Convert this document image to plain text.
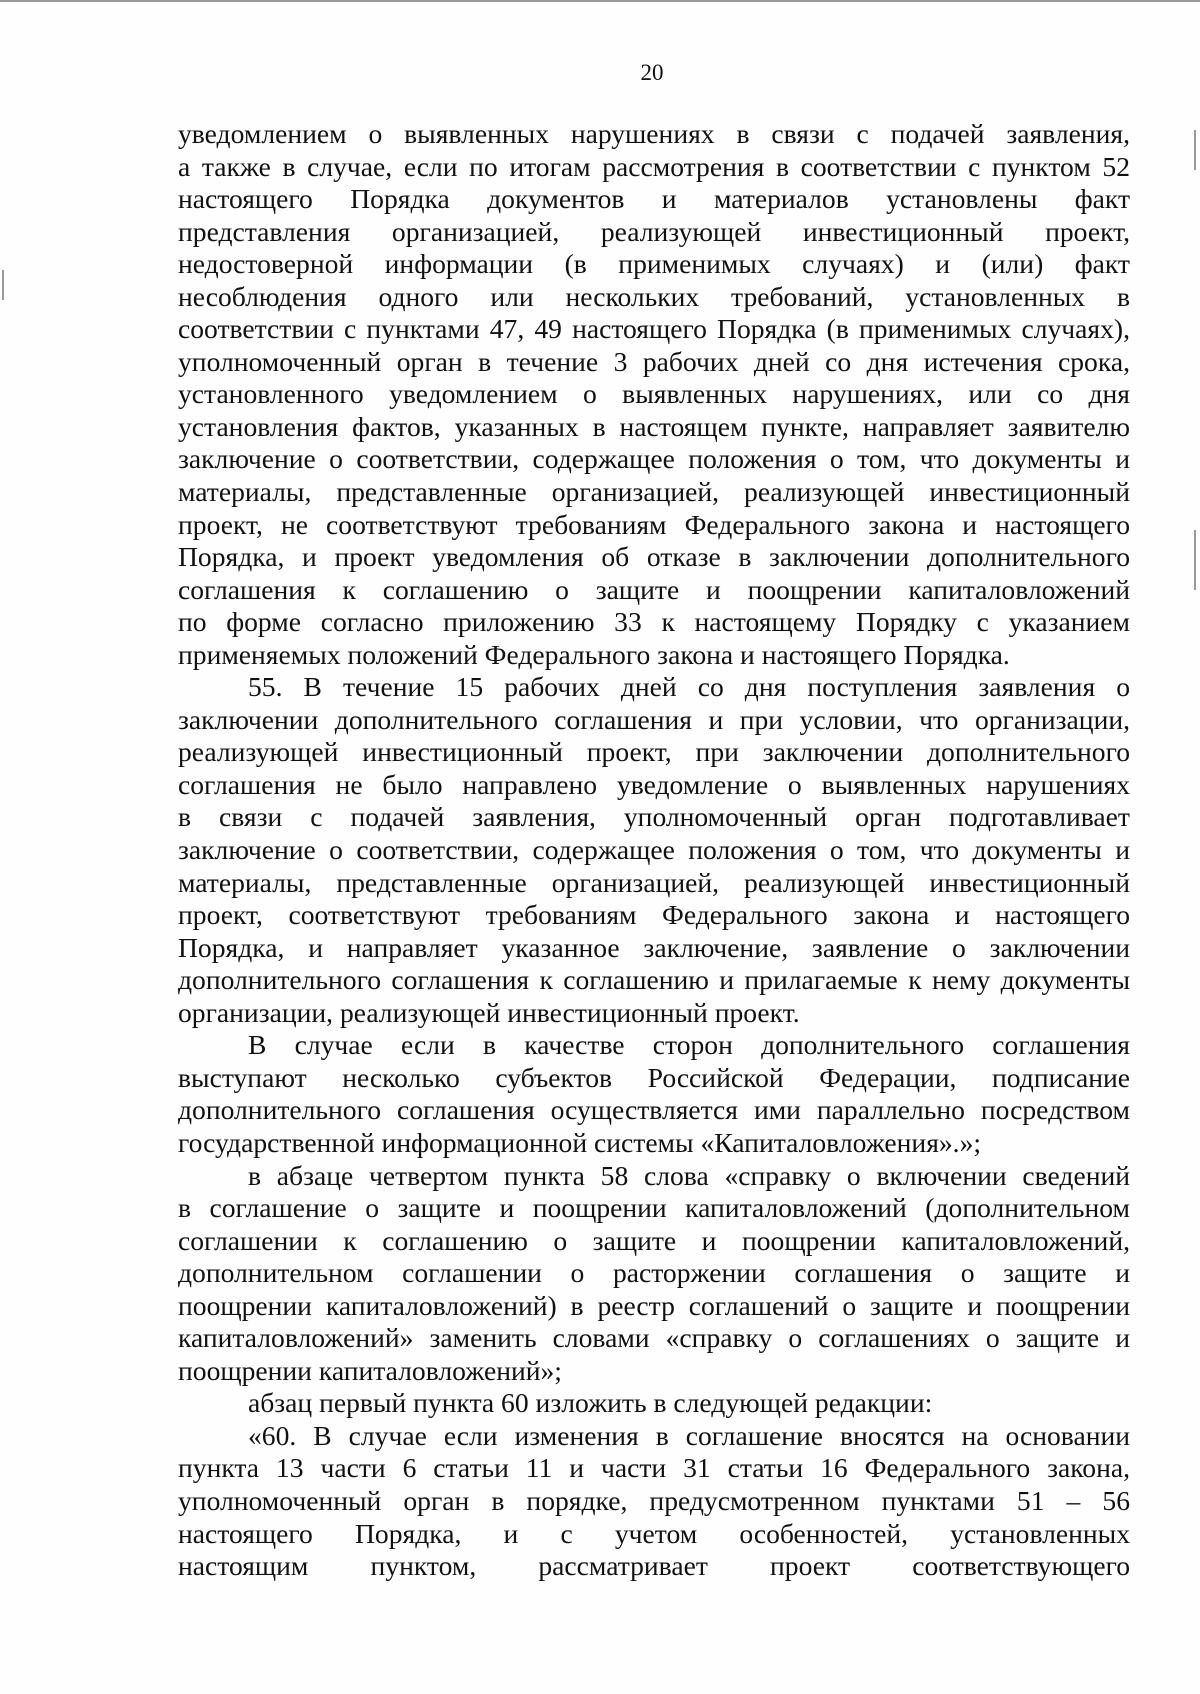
20

уведомлением о выявленных нарушениях в связи с подачей заявления,
а также в случае, если по итогам рассмотрения в соответствии с пунктом 52
настоящего Порядка документов и материалов установлены факт
представления организацией, реализующей инвестиционный проект,
недостоверной информации (в применимых случаях) и (или) факт
несоблюдения одного или нескольких требований, установленных в
соответствии с пунктами 47, 49 настоящего Порядка (в применимых случаях),
уполномоченный орган в течение 3 рабочих дней со дня истечения срока,
установленного уведомлением о выявленных нарушениях, или со дня
установления фактов, указанных в настоящем пункте, направляет заявителю
заключение о соответствии, содержащее положения о том, что документы и
материалы, представленные организацией, реализующей инвестиционный
проект, не соответствуют требованиям Федерального закона и настоящего
Порядка, и проект уведомления об отказе в заключении дополнительного
соглашения к соглашению о защите и поощрении капиталовложений
по форме согласно приложению 33 к настоящему Порядку с указанием
применяемых положений Федерального закона и настоящего Порядка.

55. В течение 15 рабочих дней со дня поступления заявления о
заключении дополнительного соглашения и при условии, что организации,
реализующей инвестиционный проект, при заключении дополнительного
соглашения не было направлено уведомление о выявленных нарушениях
в связи с подачей заявления, уполномоченный орган подготавливает
заключение о соответствии, содержащее положения о том, что документы и
материалы, представленные организацией, реализующей инвестиционный
проект, соответствуют требованиям Федерального закона и настоящего
Порядка, и направляет указанное заключение, заявление о заключении
дополнительного соглашения к соглашению и прилагаемые к нему документы
организации, реализующей инвестиционный проект.

В случае если в качестве сторон дополнительного соглашения
выступают несколько субъектов Российской Федерации, подписание
дополнительного соглашения осуществляется ими параллельно посредством
государственной информационной системы «Капиталовложения».»;

в абзаце четвертом пункта 58 слова «справку о включении сведений
в соглашение о защите и поощрении капиталовложений (дополнительном
соглашении к соглашению о защите и поощрении капиталовложений,
дополнительном соглашении о расторжении соглашения о защите и
поощрении капиталовложений) в реестр соглашений о защите и поощрении
капиталовложений» заменить словами «справку о соглашениях о защите и
поощрении капиталовложений»;

абзац первый пункта 60 изложить в следующей редакции:

«60. В случае если изменения в соглашение вносятся на основании
пункта 13 части 6 статьи 11 и части 31 статьи 16 Федерального закона,
уполномоченный орган в порядке, предусмотренном пунктами 51 – 56
настоящего Порядка, и с учетом особенностей, установленных
настоящим пунктом, рассматривает проект соответствующего
